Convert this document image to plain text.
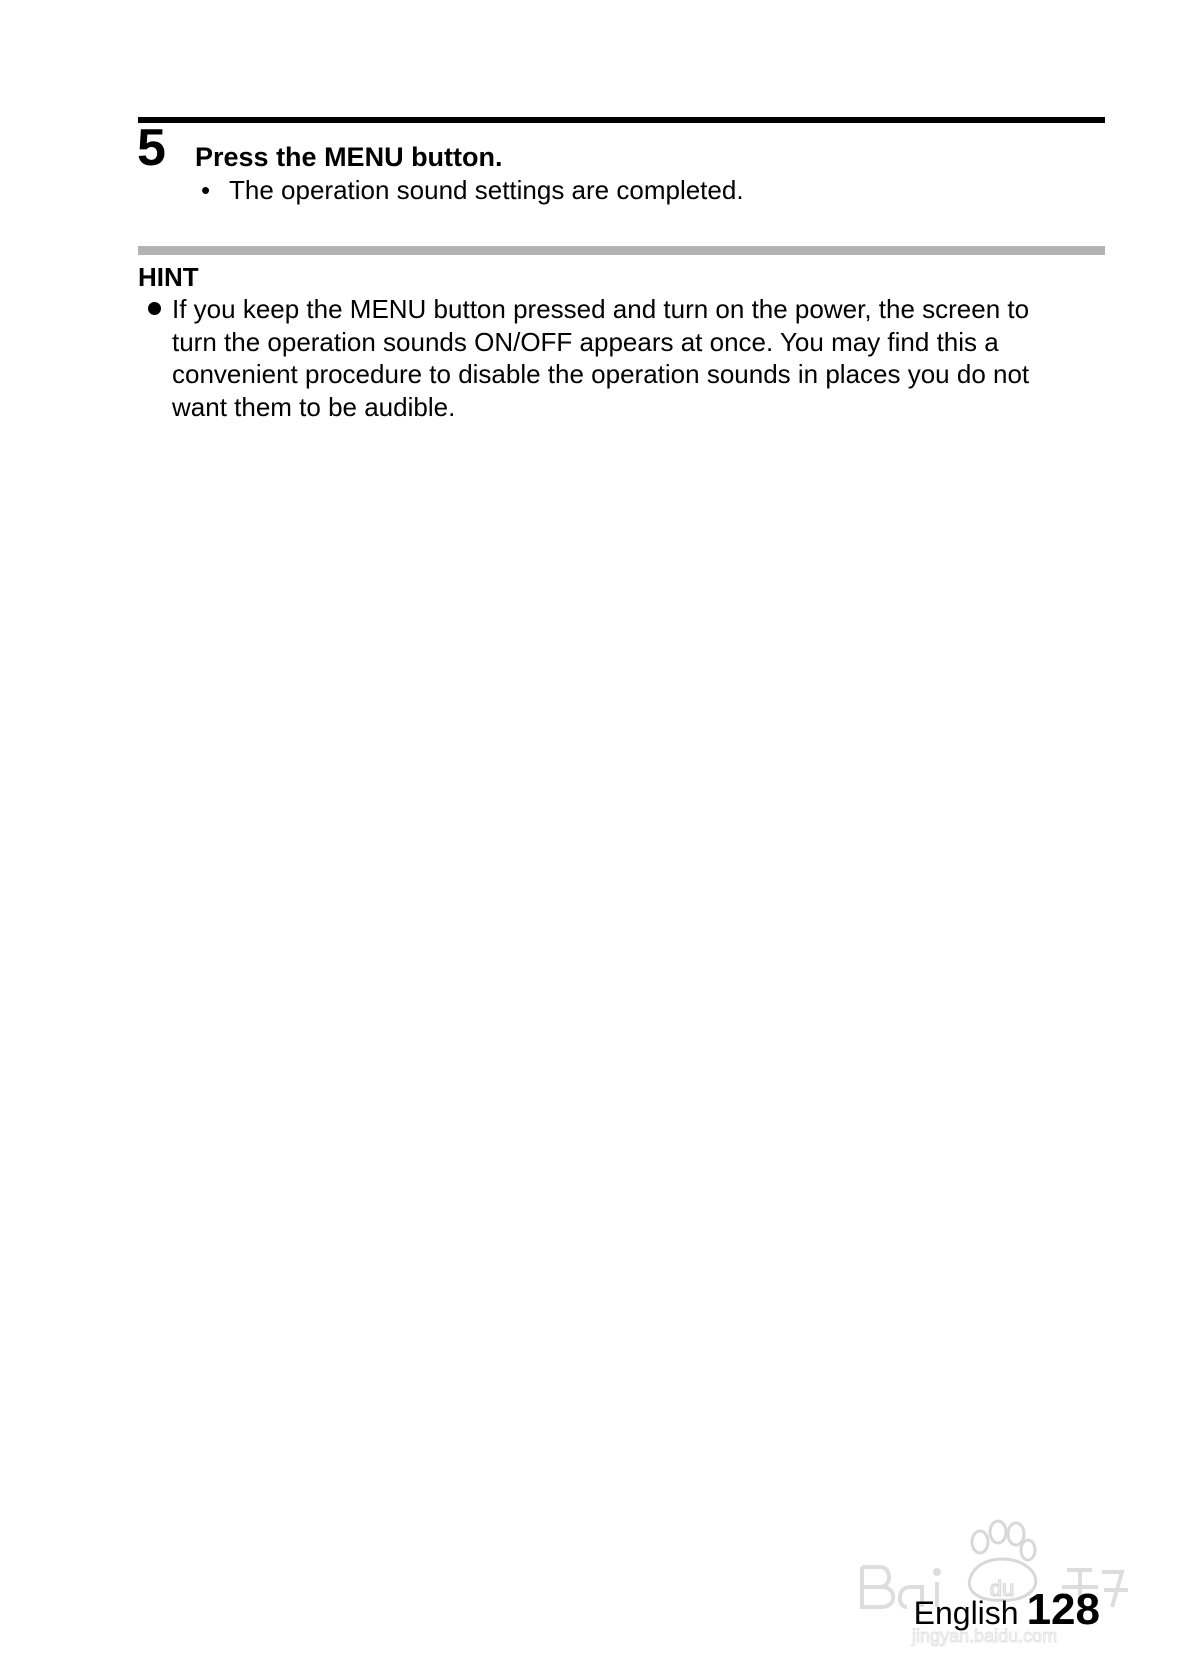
5 Press the MENU button.
• The operation sound settings are completed.
HINT
If you keep the MENU button pressed and turn on the power, the screen to
turn the operation sounds ON/OFF appears at once. You may find this a
convenient procedure to disable the operation sounds in places you do not
want them to be audible.
du
jingyan.baidu.com
English 128
